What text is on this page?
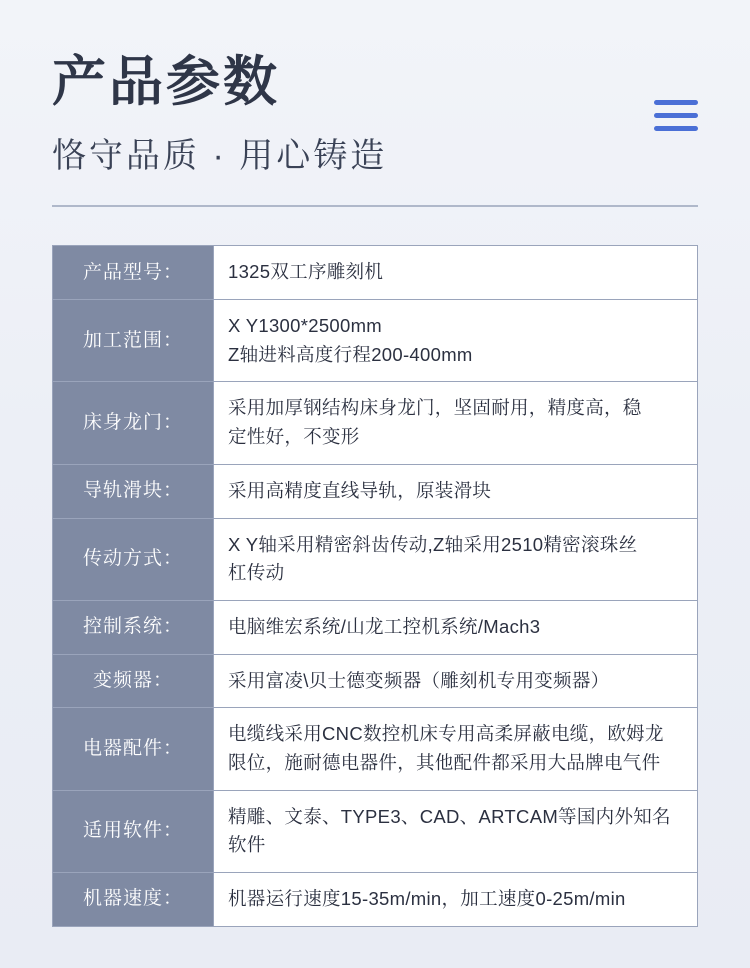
产品参数
恪守品质 · 用心铸造
产品型号：	1325双工序雕刻机

加工范围：	X Y1300*2500mm
Z轴进料高度行程200-400mm

床身龙门：	采用加厚钢结构床身龙门，坚固耐用，精度高，稳
定性好，不变形

导轨滑块：	采用高精度直线导轨，原装滑块

传动方式：	X Y轴采用精密斜齿传动,Z轴采用2510精密滚珠丝
杠传动

控制系统：	电脑维宏系统/山龙工控机系统/Mach3

变频器：	采用富凌\贝士德变频器（雕刻机专用变频器）

电器配件：	电缆线采用CNC数控机床专用高柔屏蔽电缆，欧姆龙
限位，施耐德电器件，其他配件都采用大品牌电气件

适用软件：	精雕、文泰、TYPE3、CAD、ARTCAM等国内外知名软件

机器速度：	机器运行速度15-35m/min，加工速度0-25m/min
